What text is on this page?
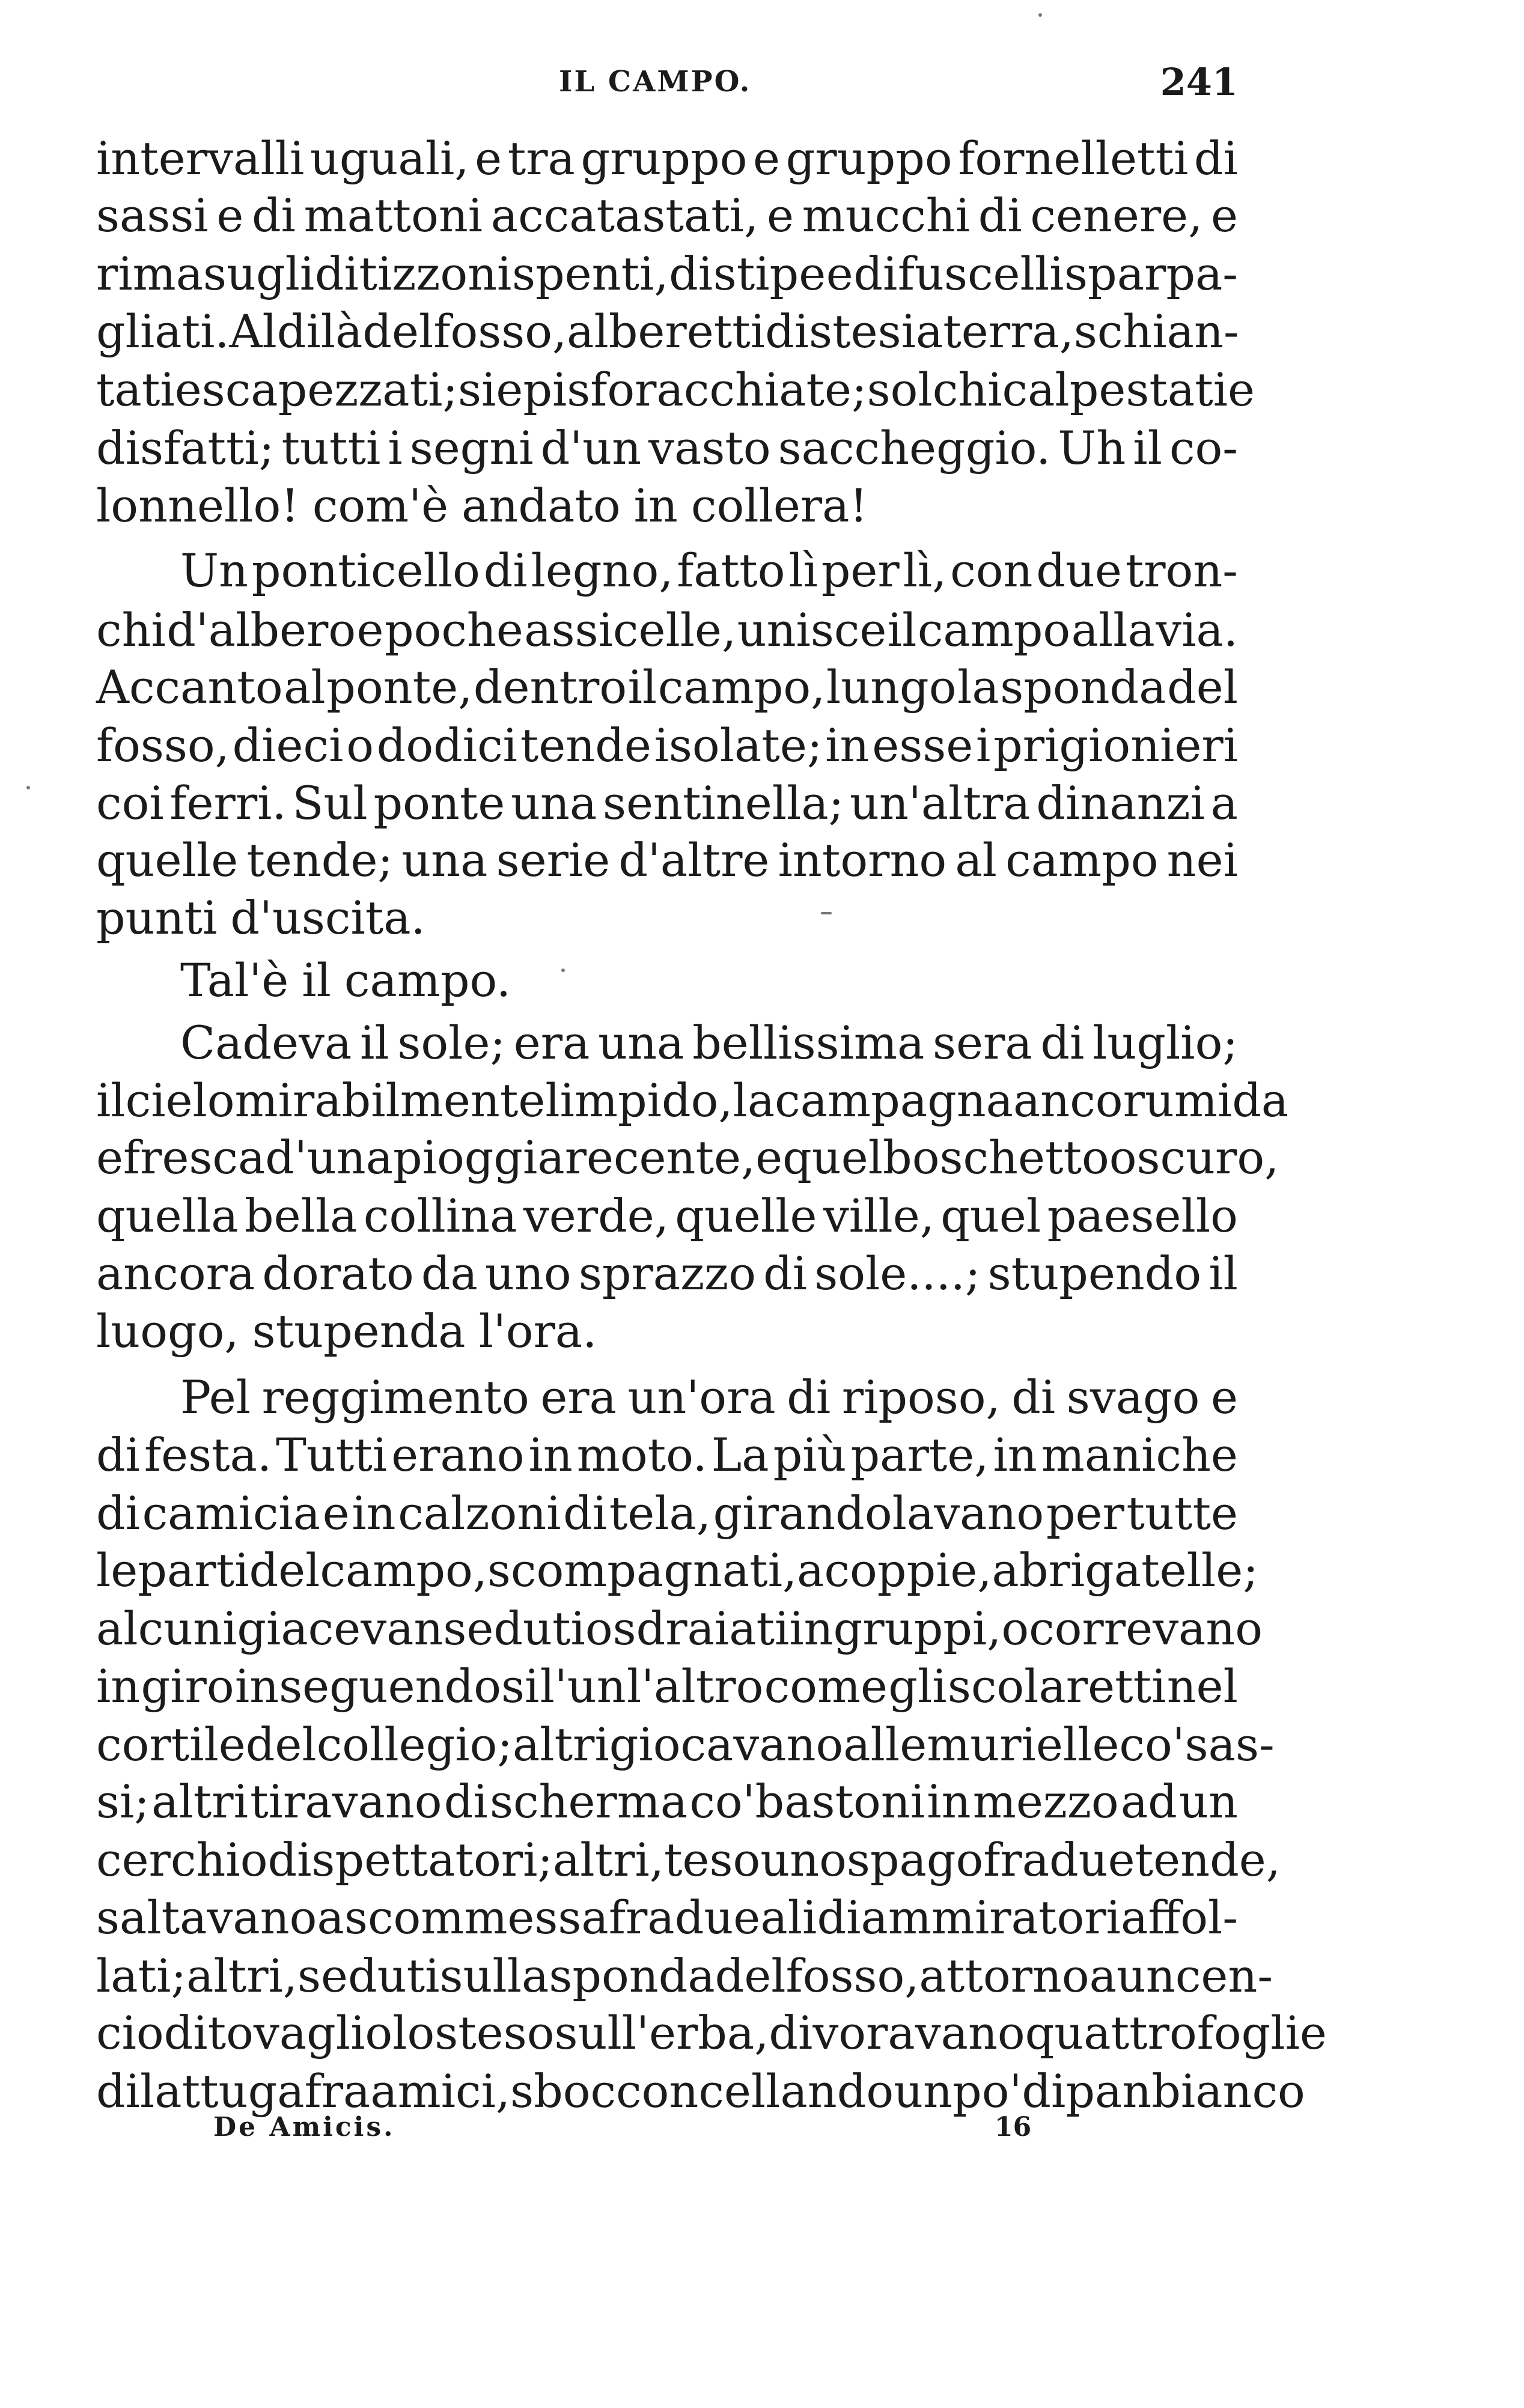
IL CAMPO.	241
intervalli uguali, e tra gruppo e gruppo fornelletti di
sassi e di mattoni accatastati, e mucchi di cenere, e
rimasugli di tizzoni spenti, di stipe e di fuscelli sparpa-
gliati. Al di là del fosso, alberetti distesi a terra, schian-
tati e scapezzati; siepi sforacchiate; solchi calpestati e
disfatti; tutti i segni d'un vasto saccheggio. Uh il co-
lonnello! com'è andato in collera!
Un ponticello di legno, fatto lì per lì, con due tron-
chi d'albero e poche assicelle, unisce il campo alla via.
Accanto al ponte, dentro il campo, lungo la sponda del
fosso, dieci o dodici tende isolate; in esse i prigionieri
coi ferri. Sul ponte una sentinella; un'altra dinanzi a
quelle tende; una serie d'altre intorno al campo nei
punti d'uscita.
Tal'è il campo.
Cadeva il sole; era una bellissima sera di luglio;
il cielo mirabilmente limpido, la campagna ancor umida
e fresca d'una pioggia recente, e quel boschetto oscuro,
quella bella collina verde, quelle ville, quel paesello
ancora dorato da uno sprazzo di sole....; stupendo il
luogo, stupenda l'ora.
Pel reggimento era un'ora di riposo, di svago e
di festa. Tutti erano in moto. La più parte, in maniche
di camicia e in calzoni di tela, girandolavano per tutte
le parti del campo, scompagnati, a coppie, a brigatelle;
alcuni giacevan seduti o sdraiati in gruppi, o correvano
in giro inseguendosi l'un l'altro come gli scolaretti nel
cortile del collegio; altri giocavano alle murielle co'sas-
si; altri tiravano di scherma co'bastoni in mezzo ad un
cerchio di spettatori; altri, teso uno spago fra due tende,
saltavano a scommessa fra due ali di ammiratori affol-
lati; altri, seduti sulla sponda del fosso, attorno a un cen-
cio di tovagliolo steso sull'erba, divoravano quattro foglie
di lattuga fra amici, sbocconcellando un po'di pan bianco
De Amicis.	16
